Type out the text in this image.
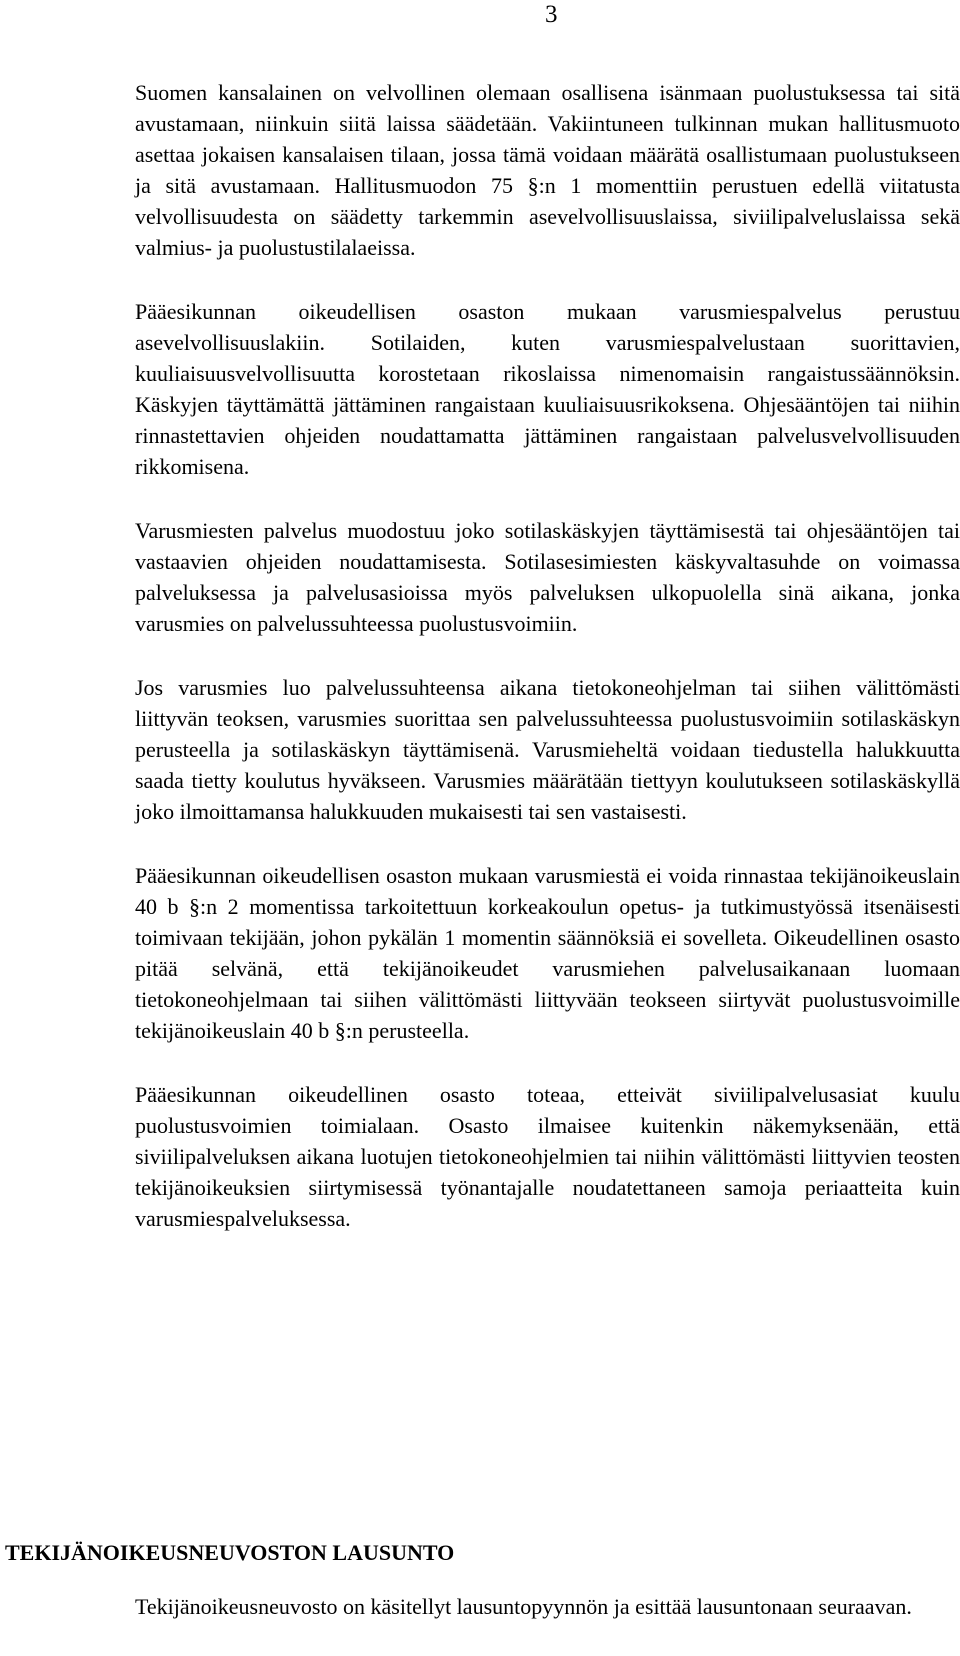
3

Suomen kansalainen on velvollinen olemaan osallisena isänmaan puolustuksessa tai sitä avustamaan, niinkuin siitä laissa säädetään. Vakiintuneen tulkinnan mukan hallitusmuoto asettaa jokaisen kansalaisen tilaan, jossa tämä voidaan määrätä osallistumaan puolustukseen ja sitä avustamaan. Hallitusmuodon 75 §:n 1 momenttiin perustuen edellä viitatusta velvollisuudesta on säädetty tarkemmin asevelvollisuuslaissa, siviilipalveluslaissa sekä valmius- ja puolustustilalaeissa.

Pääesikunnan oikeudellisen osaston mukaan varusmiespalvelus perustuu asevelvollisuuslakiin. Sotilaiden, kuten varusmiespalvelustaan suorittavien, kuuliaisuusvelvollisuutta korostetaan rikoslaissa nimenomaisin rangaistussäännöksin. Käskyjen täyttämättä jättäminen rangaistaan kuuliaisuusrikoksena. Ohjesääntöjen tai niihin rinnastettavien ohjeiden noudattamatta jättäminen rangaistaan palvelusvelvollisuuden rikkomisena.

Varusmiesten palvelus muodostuu joko sotilaskäskyjen täyttämisestä tai ohjesääntöjen tai vastaavien ohjeiden noudattamisesta. Sotilasesimiesten käskyvaltasuhde on voimassa palveluksessa ja palvelusasioissa myös palveluksen ulkopuolella sinä aikana, jonka varusmies on palvelussuhteessa puolustusvoimiin.

Jos varusmies luo palvelussuhteensa aikana tietokoneohjelman tai siihen välittömästi liittyvän teoksen, varusmies suorittaa sen palvelussuhteessa puolustusvoimiin sotilaskäskyn perusteella ja sotilaskäskyn täyttämisenä. Varusmieheltä voidaan tiedustella halukkuutta saada tietty koulutus hyväkseen. Varusmies määrätään tiettyyn koulutukseen sotilaskäskyllä joko ilmoittamansa halukkuuden mukaisesti tai sen vastaisesti.

Pääesikunnan oikeudellisen osaston mukaan varusmiestä ei voida rinnastaa tekijänoikeuslain 40 b §:n 2 momentissa tarkoitettuun korkeakoulun opetus- ja tutkimustyössä itsenäisesti toimivaan tekijään, johon pykälän 1 momentin säännöksiä ei sovelleta. Oikeudellinen osasto pitää selvänä, että tekijänoikeudet varusmiehen palvelusaikanaan luomaan tietokoneohjelmaan tai siihen välittömästi liittyvään teokseen siirtyvät puolustusvoimille tekijänoikeuslain 40 b §:n perusteella.

Pääesikunnan oikeudellinen osasto toteaa, etteivät siviilipalvelusasiat kuulu puolustusvoimien toimialaan. Osasto ilmaisee kuitenkin näkemyksenään, että siviilipalveluksen aikana luotujen tietokoneohjelmien tai niihin välittömästi liittyvien teosten tekijänoikeuksien siirtymisessä työnantajalle noudatettaneen samoja periaatteita kuin varusmiespalveluksessa.

TEKIJÄNOIKEUSNEUVOSTON LAUSUNTO

Tekijänoikeusneuvosto on käsitellyt lausuntopyynnön ja esittää lausuntonaan seuraavan.
